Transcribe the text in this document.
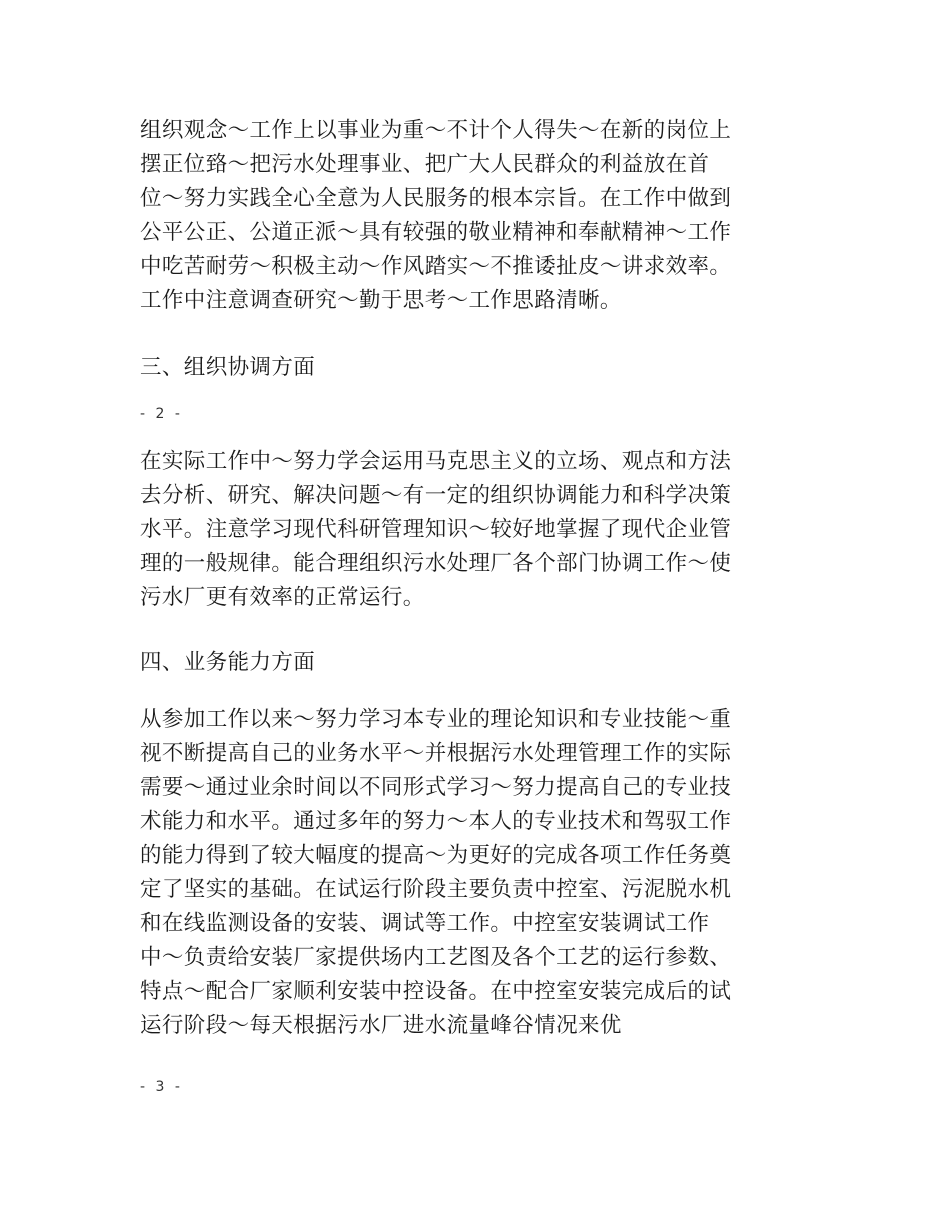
组织观念～工作上以事业为重～不计个人得失～在新的岗位上
摆正位臵～把污水处理事业、把广大人民群众的利益放在首
位～努力实践全心全意为人民服务的根本宗旨。在工作中做到
公平公正、公道正派～具有较强的敬业精神和奉献精神～工作
中吃苦耐劳～积极主动～作风踏实～不推诿扯皮～讲求效率。
工作中注意调查研究～勤于思考～工作思路清晰。
三、组织协调方面

- 2 -

在实际工作中～努力学会运用马克思主义的立场、观点和方法
去分析、研究、解决问题～有一定的组织协调能力和科学决策
水平。注意学习现代科研管理知识～较好地掌握了现代企业管
理的一般规律。能合理组织污水处理厂各个部门协调工作～使
污水厂更有效率的正常运行。
四、业务能力方面
从参加工作以来～努力学习本专业的理论知识和专业技能～重
视不断提高自己的业务水平～并根据污水处理管理工作的实际
需要～通过业余时间以不同形式学习～努力提高自己的专业技
术能力和水平。通过多年的努力～本人的专业技术和驾驭工作
的能力得到了较大幅度的提高～为更好的完成各项工作任务奠
定了坚实的基础。在试运行阶段主要负责中控室、污泥脱水机
和在线监测设备的安装、调试等工作。中控室安装调试工作
中～负责给安装厂家提供场内工艺图及各个工艺的运行参数、
特点～配合厂家顺利安装中控设备。在中控室安装完成后的试
运行阶段～每天根据污水厂进水流量峰谷情况来优

- 3 -
